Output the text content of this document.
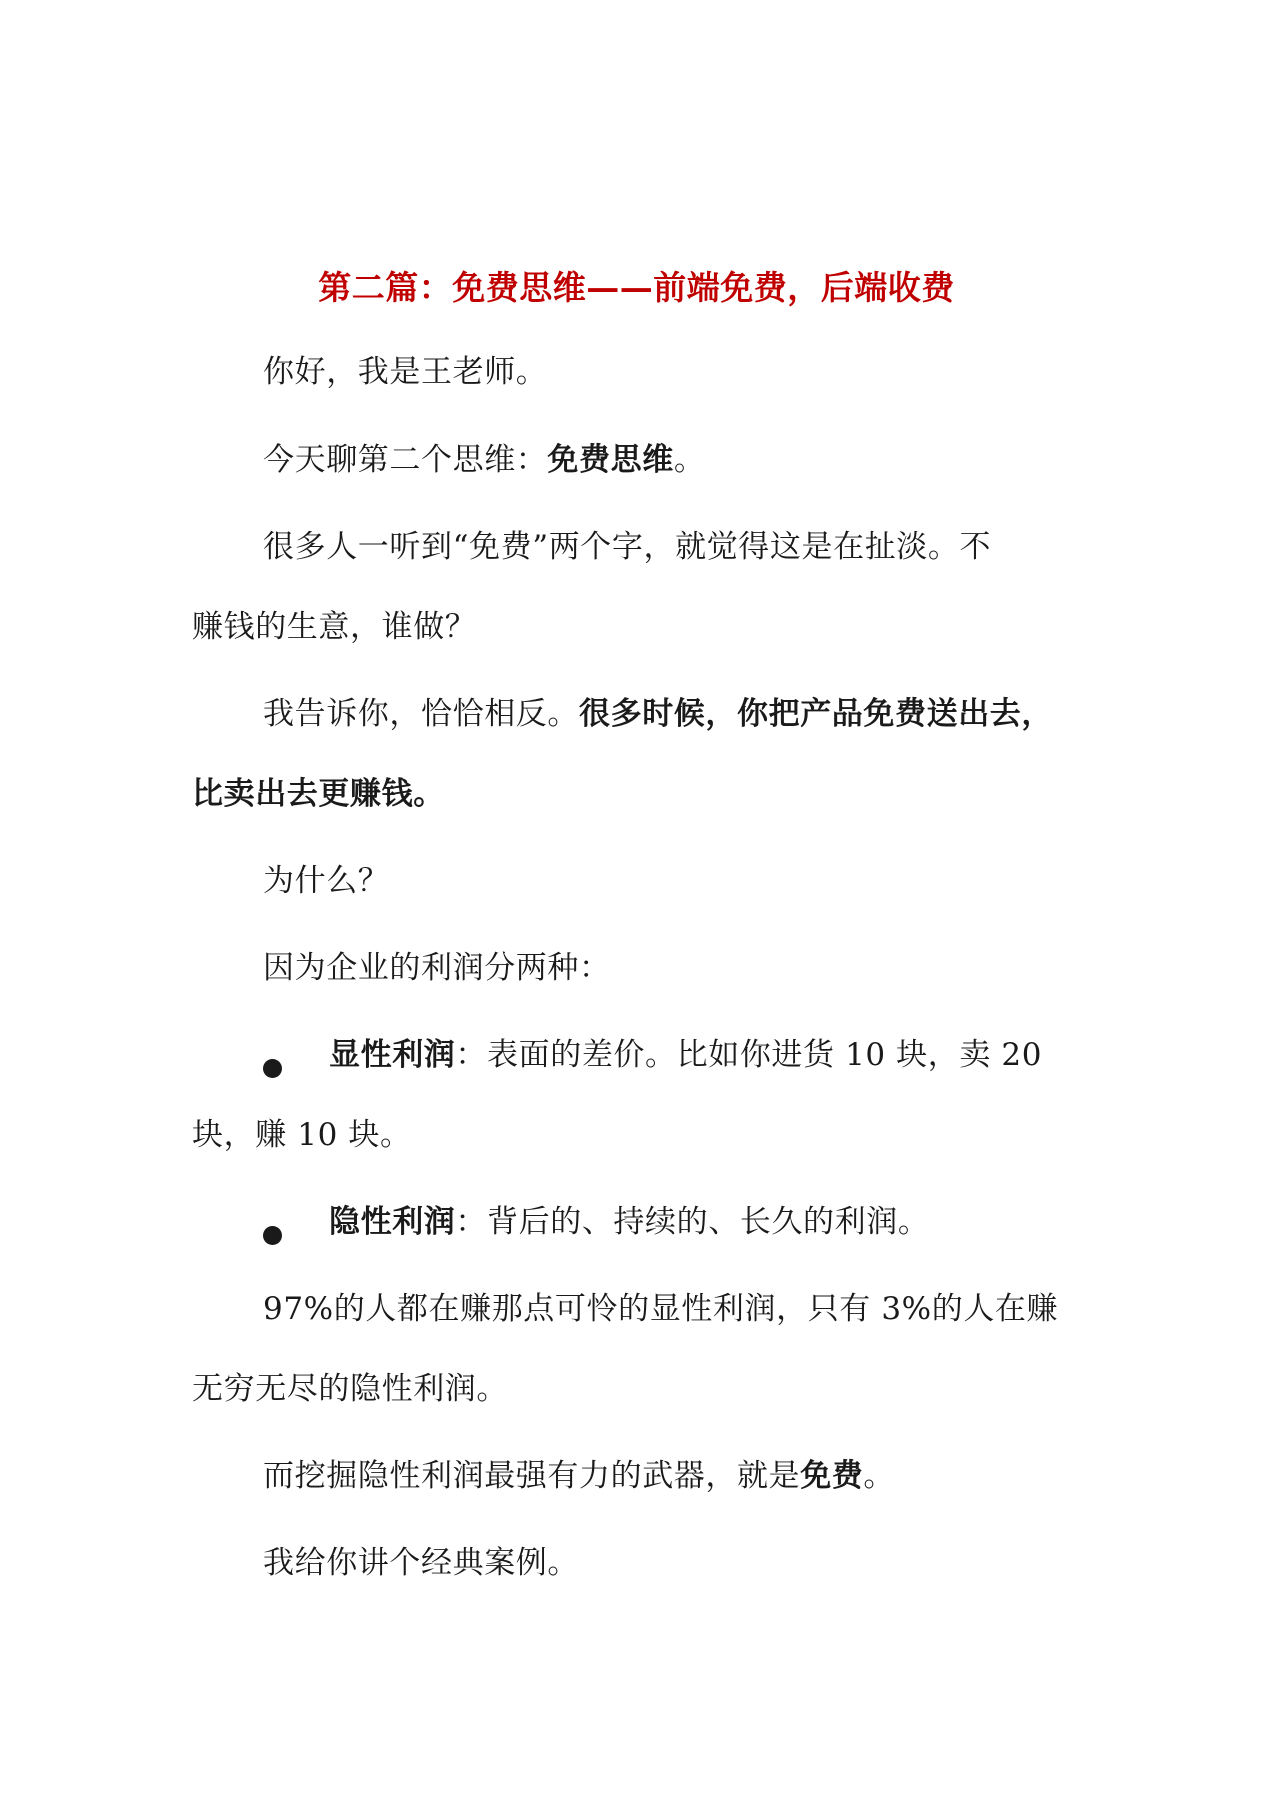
第二篇：免费思维——前端免费，后端收费
你好，我是王老师。
今天聊第二个思维：免费思维。
很多人一听到“免费”两个字，就觉得这是在扯淡。不
赚钱的生意，谁做？
我告诉你，恰恰相反。很多时候，你把产品免费送出去，
比卖出去更赚钱。
为什么？
因为企业的利润分两种：
显性利润：表面的差价。比如你进货 10 块，卖 20
块，赚 10 块。
隐性利润：背后的、持续的、长久的利润。
97%的人都在赚那点可怜的显性利润，只有 3%的人在赚
无穷无尽的隐性利润。
而挖掘隐性利润最强有力的武器，就是免费。
我给你讲个经典案例。
